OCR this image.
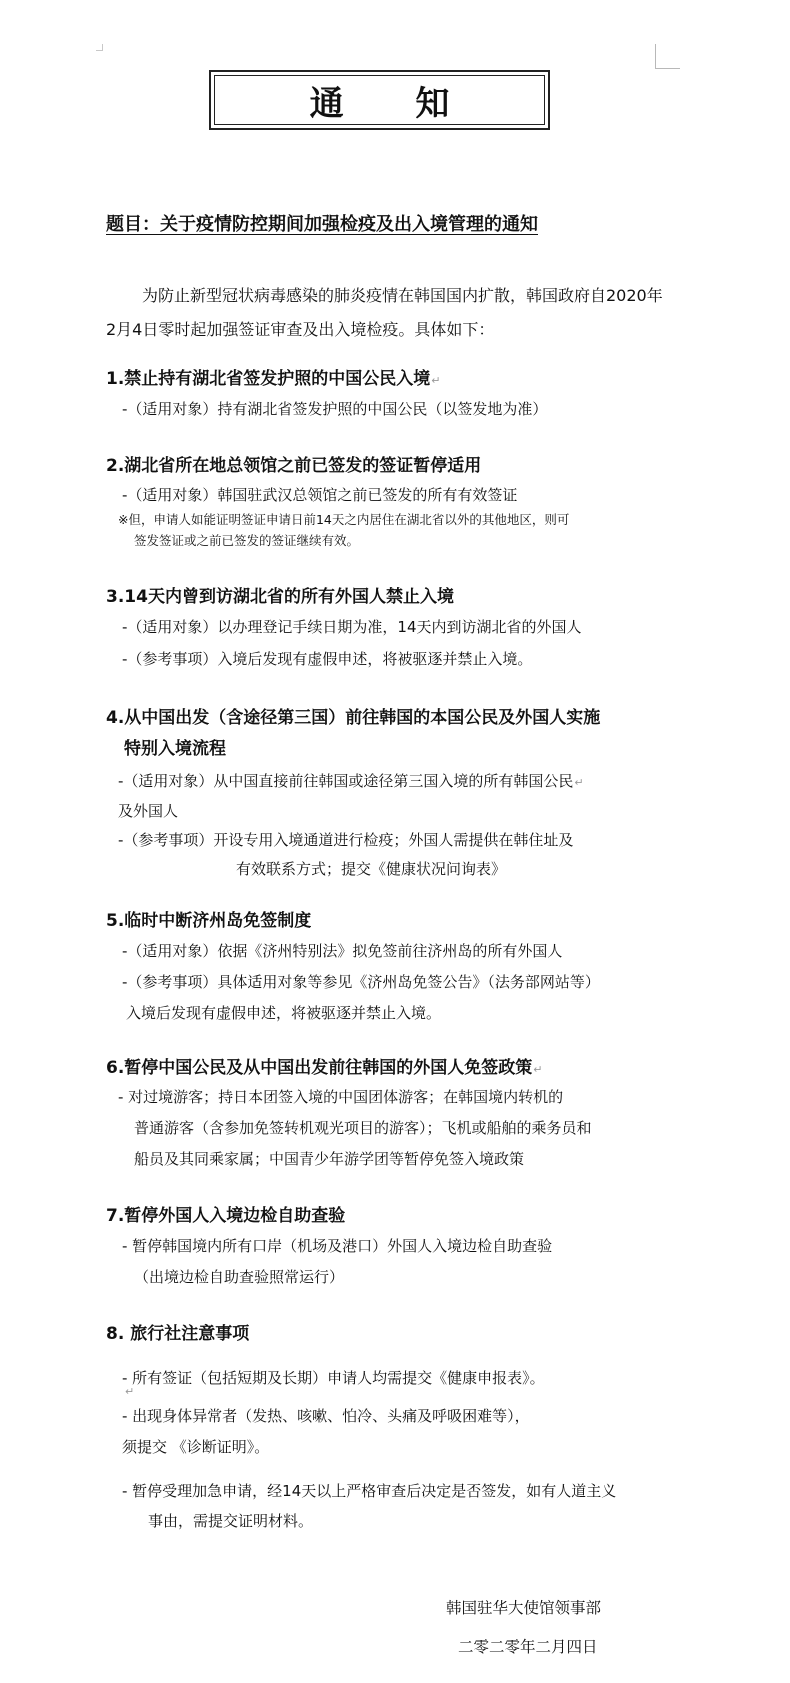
通 知
题目：关于疫情防控期间加强检疫及出入境管理的通知
为防止新型冠状病毒感染的肺炎疫情在韩国国内扩散，韩国政府自2020年2月4日零时起加强签证审查及出入境检疫。具体如下：
1.禁止持有湖北省签发护照的中国公民入境↵
-（适用对象）持有湖北省签发护照的中国公民（以签发地为准）
2.湖北省所在地总领馆之前已签发的签证暂停适用
-（适用对象）韩国驻武汉总领馆之前已签发的所有有效签证
※但，申请人如能证明签证申请日前14天之内居住在湖北省以外的其他地区，则可
签发签证或之前已签发的签证继续有效。
3.14天内曾到访湖北省的所有外国人禁止入境
-（适用对象）以办理登记手续日期为准，14天内到访湖北省的外国人
-（参考事项）入境后发现有虚假申述，将被驱逐并禁止入境。
4.从中国出发（含途径第三国）前往韩国的本国公民及外国人实施
特别入境流程
-（适用对象）从中国直接前往韩国或途径第三国入境的所有韩国公民↵
及外国人
-（参考事项）开设专用入境通道进行检疫；外国人需提供在韩住址及
有效联系方式；提交《健康状况问询表》
5.临时中断济州岛免签制度
-（适用对象）依据《济州特别法》拟免签前往济州岛的所有外国人
-（参考事项）具体适用对象等参见《济州岛免签公告》（法务部网站等）
入境后发现有虚假申述，将被驱逐并禁止入境。
6.暂停中国公民及从中国出发前往韩国的外国人免签政策↵
- 对过境游客；持日本团签入境的中国团体游客；在韩国境内转机的
普通游客（含参加免签转机观光项目的游客）；飞机或船舶的乘务员和
船员及其同乘家属；中国青少年游学团等暂停免签入境政策
7.暂停外国人入境边检自助查验
- 暂停韩国境内所有口岸（机场及港口）外国人入境边检自助查验
（出境边检自助查验照常运行）
8. 旅行社注意事项
- 所有签证（包括短期及长期）申请人均需提交《健康申报表》。
↵
- 出现身体异常者（发热、咳嗽、怕冷、头痛及呼吸困难等），
须提交 《诊断证明》。
- 暂停受理加急申请，经14天以上严格审查后决定是否签发，如有人道主义
事由，需提交证明材料。
韩国驻华大使馆领事部
二零二零年二月四日
